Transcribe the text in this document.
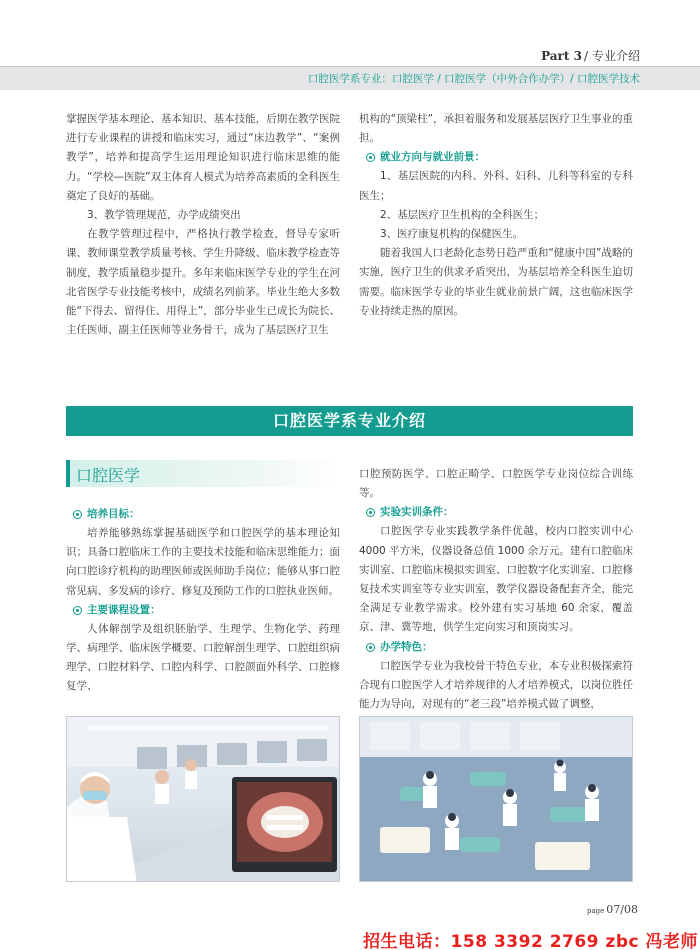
Part 3 / 专业介绍
口腔医学系专业：口腔医学 / 口腔医学（中外合作办学）/ 口腔医学技术

掌握医学基本理论、基本知识、基本技能，后期在教学医院进行专业课程的讲授和临床实习，通过“床边教学”、“案例教学”，培养和提高学生运用理论知识进行临床思维的能力。“学校—医院”双主体育人模式为培养高素质的全科医生奠定了良好的基础。

3、教学管理规范，办学成绩突出

在教学管理过程中，严格执行教学检查，督导专家听课、教师课堂教学质量考核、学生升降级、临床教学检查等制度，教学质量稳步提升。多年来临床医学专业的学生在河北省医学专业技能考核中，成绩名列前茅。毕业生绝大多数能“下得去、留得住、用得上”，部分毕业生已成长为院长、主任医师、副主任医师等业务骨干，成为了基层医疗卫生

机构的“顶梁柱”，承担着服务和发展基层医疗卫生事业的重担。

就业方向与就业前景：

1、基层医院的内科、外科、妇科、儿科等科室的专科医生；

2、基层医疗卫生机构的全科医生；

3、医疗康复机构的保健医生。

随着我国人口老龄化态势日趋严重和“健康中国”战略的实施，医疗卫生的供求矛盾突出，为基层培养全科医生迫切需要。临床医学专业的毕业生就业前景广阔，这也临床医学专业持续走热的原因。

口腔医学系专业介绍
口腔医学
培养目标：

培养能够熟练掌握基础医学和口腔医学的基本理论知识；具备口腔临床工作的主要技术技能和临床思维能力；面向口腔诊疗机构的助理医师或医师助手岗位；能够从事口腔常见病、多发病的诊疗、修复及预防工作的口腔执业医师。

主要课程设置：

人体解剖学及组织胚胎学、生理学、生物化学、药理学、病理学、临床医学概要、口腔解剖生理学、口腔组织病理学、口腔材料学、口腔内科学、口腔颌面外科学、口腔修复学、

口腔预防医学、口腔正畸学、口腔医学专业岗位综合训练等。

实验实训条件：

口腔医学专业实践教学条件优越，校内口腔实训中心4000 平方米，仪器设备总值 1000 余万元。建有口腔临床实训室、口腔临床模拟实训室、口腔数字化实训室、口腔修复技术实训室等专业实训室，教学仪器设备配套齐全，能完全满足专业教学需求。校外建有实习基地 60 余家，覆盖京、津、冀等地，供学生定向实习和顶岗实习。

办学特色：

口腔医学专业为我校骨干特色专业，本专业积极探索符合现有口腔医学人才培养规律的人才培养模式，以岗位胜任能力为导向，对现有的“老三段”培养模式做了调整，

page 07/08
招生电话：158 3392 2769 zbc 冯老师
